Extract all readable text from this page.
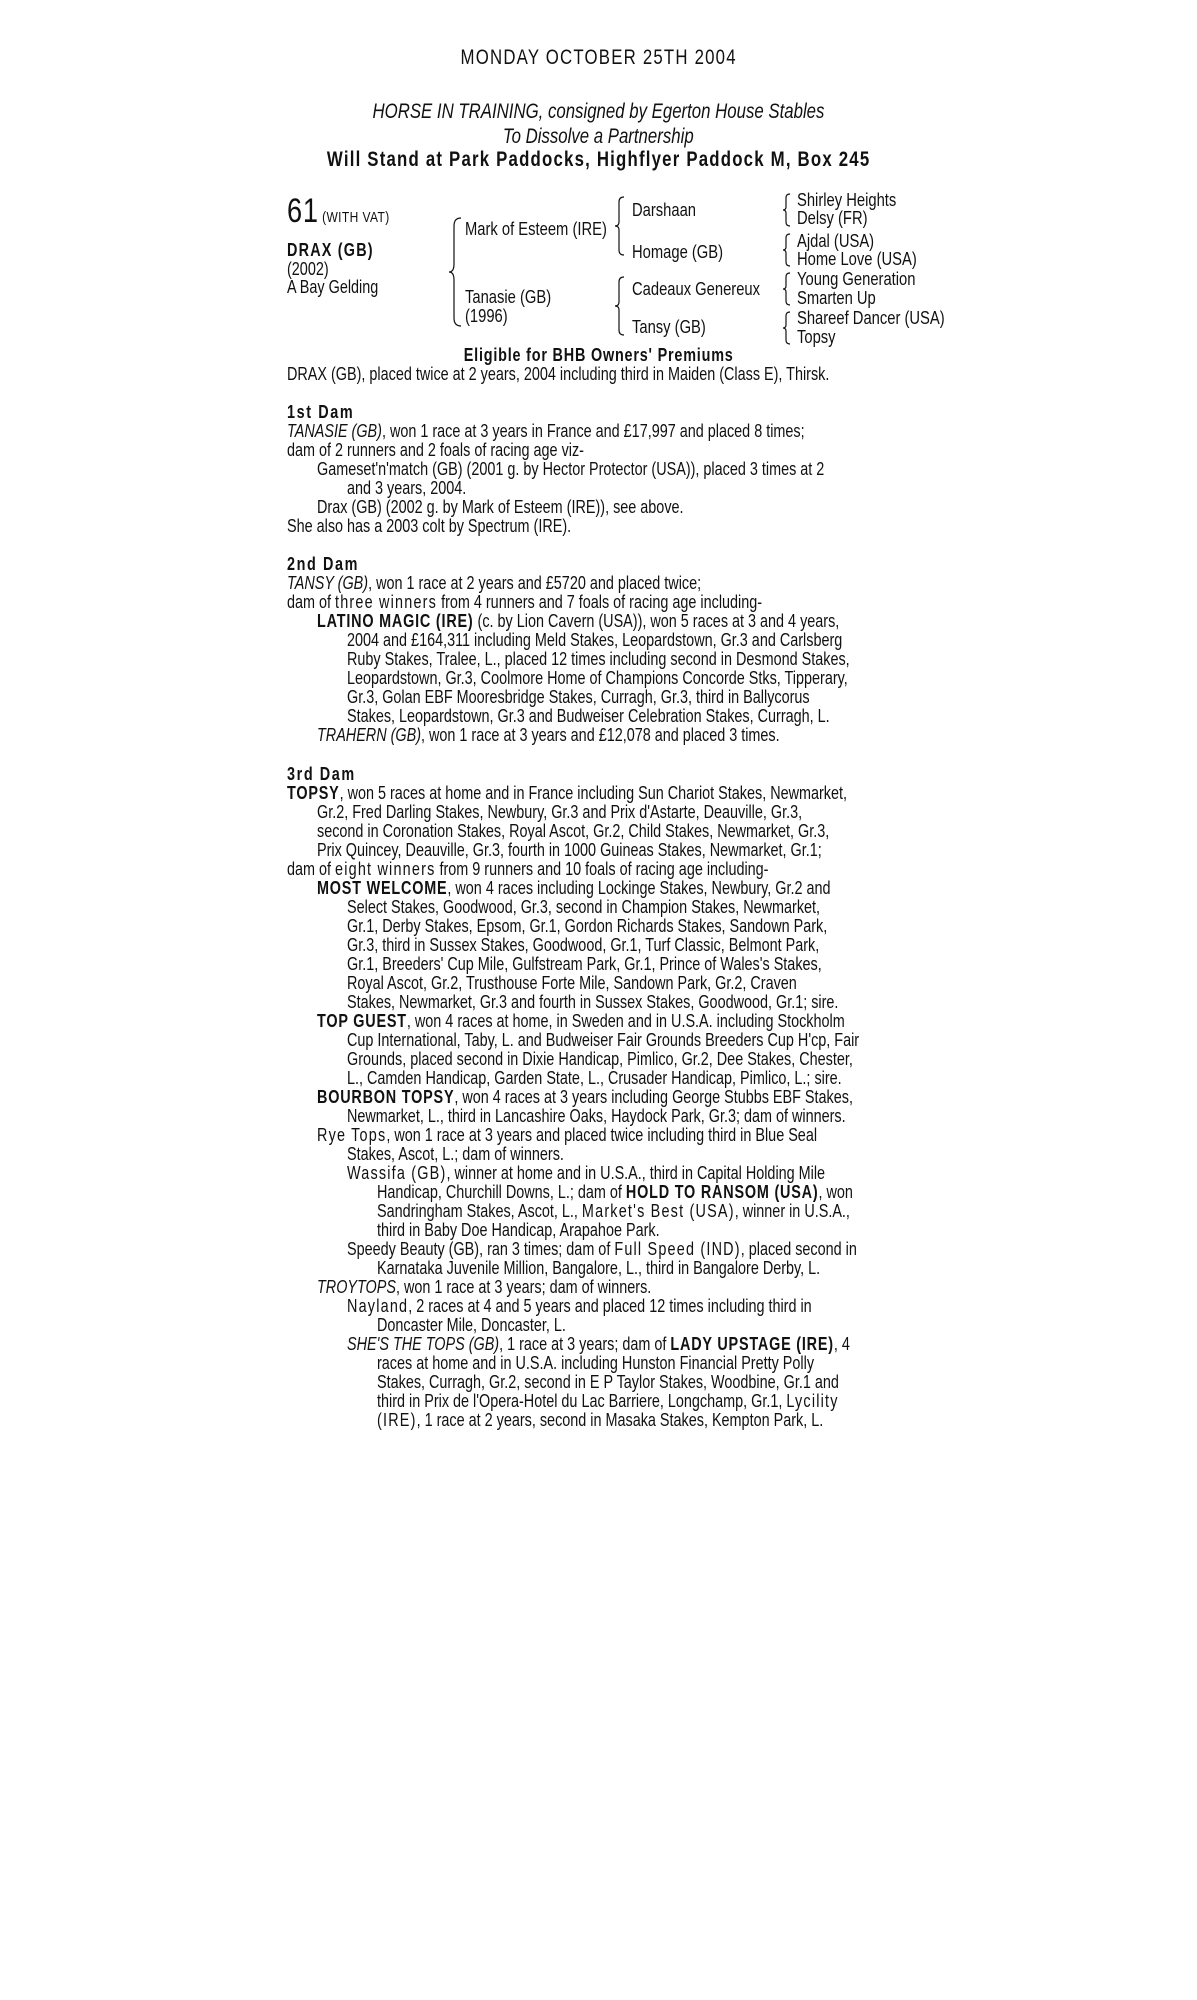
MONDAY OCTOBER 25TH 2004
HORSE IN TRAINING, consigned by Egerton House Stables
To Dissolve a Partnership
Will Stand at Park Paddocks, Highflyer Paddock M, Box 245
61 (WITH VAT)
DRAX (GB)
(2002)
A Bay Gelding
Mark of Esteem (IRE)
Tanasie (GB)
(1996)
Darshaan
Homage (GB)
Cadeaux Genereux
Tansy (GB)
Shirley Heights
Delsy (FR)
Ajdal (USA)
Home Love (USA)
Young Generation
Smarten Up
Shareef Dancer (USA)
Topsy
Eligible for BHB Owners' Premiums
DRAX (GB), placed twice at 2 years, 2004 including third in Maiden (Class E), Thirsk.
1st Dam
TANASIE (GB), won 1 race at 3 years in France and £17,997 and placed 8 times;
dam of 2 runners and 2 foals of racing age viz-
Gameset'n'match (GB) (2001 g. by Hector Protector (USA)), placed 3 times at 2
and 3 years, 2004.
Drax (GB) (2002 g. by Mark of Esteem (IRE)), see above.
She also has a 2003 colt by Spectrum (IRE).
2nd Dam
TANSY (GB), won 1 race at 2 years and £5720 and placed twice;
dam of three winners from 4 runners and 7 foals of racing age including-
LATINO MAGIC (IRE) (c. by Lion Cavern (USA)), won 5 races at 3 and 4 years,
2004 and £164,311 including Meld Stakes, Leopardstown, Gr.3 and Carlsberg
Ruby Stakes, Tralee, L., placed 12 times including second in Desmond Stakes,
Leopardstown, Gr.3, Coolmore Home of Champions Concorde Stks, Tipperary,
Gr.3, Golan EBF Mooresbridge Stakes, Curragh, Gr.3, third in Ballycorus
Stakes, Leopardstown, Gr.3 and Budweiser Celebration Stakes, Curragh, L.
TRAHERN (GB), won 1 race at 3 years and £12,078 and placed 3 times.
3rd Dam
TOPSY, won 5 races at home and in France including Sun Chariot Stakes, Newmarket,
Gr.2, Fred Darling Stakes, Newbury, Gr.3 and Prix d'Astarte, Deauville, Gr.3,
second in Coronation Stakes, Royal Ascot, Gr.2, Child Stakes, Newmarket, Gr.3,
Prix Quincey, Deauville, Gr.3, fourth in 1000 Guineas Stakes, Newmarket, Gr.1;
dam of eight winners from 9 runners and 10 foals of racing age including-
MOST WELCOME, won 4 races including Lockinge Stakes, Newbury, Gr.2 and
Select Stakes, Goodwood, Gr.3, second in Champion Stakes, Newmarket,
Gr.1, Derby Stakes, Epsom, Gr.1, Gordon Richards Stakes, Sandown Park,
Gr.3, third in Sussex Stakes, Goodwood, Gr.1, Turf Classic, Belmont Park,
Gr.1, Breeders' Cup Mile, Gulfstream Park, Gr.1, Prince of Wales's Stakes,
Royal Ascot, Gr.2, Trusthouse Forte Mile, Sandown Park, Gr.2, Craven
Stakes, Newmarket, Gr.3 and fourth in Sussex Stakes, Goodwood, Gr.1; sire.
TOP GUEST, won 4 races at home, in Sweden and in U.S.A. including Stockholm
Cup International, Taby, L. and Budweiser Fair Grounds Breeders Cup H'cp, Fair
Grounds, placed second in Dixie Handicap, Pimlico, Gr.2, Dee Stakes, Chester,
L., Camden Handicap, Garden State, L., Crusader Handicap, Pimlico, L.; sire.
BOURBON TOPSY, won 4 races at 3 years including George Stubbs EBF Stakes,
Newmarket, L., third in Lancashire Oaks, Haydock Park, Gr.3; dam of winners.
Rye Tops, won 1 race at 3 years and placed twice including third in Blue Seal
Stakes, Ascot, L.; dam of winners.
Wassifa (GB), winner at home and in U.S.A., third in Capital Holding Mile
Handicap, Churchill Downs, L.; dam of HOLD TO RANSOM (USA), won
Sandringham Stakes, Ascot, L., Market's Best (USA), winner in U.S.A.,
third in Baby Doe Handicap, Arapahoe Park.
Speedy Beauty (GB), ran 3 times; dam of Full Speed (IND), placed second in
Karnataka Juvenile Million, Bangalore, L., third in Bangalore Derby, L.
TROYTOPS, won 1 race at 3 years; dam of winners.
Nayland, 2 races at 4 and 5 years and placed 12 times including third in
Doncaster Mile, Doncaster, L.
SHE'S THE TOPS (GB), 1 race at 3 years; dam of LADY UPSTAGE (IRE), 4
races at home and in U.S.A. including Hunston Financial Pretty Polly
Stakes, Curragh, Gr.2, second in E P Taylor Stakes, Woodbine, Gr.1 and
third in Prix de l'Opera-Hotel du Lac Barriere, Longchamp, Gr.1, Lycility
(IRE), 1 race at 2 years, second in Masaka Stakes, Kempton Park, L.
